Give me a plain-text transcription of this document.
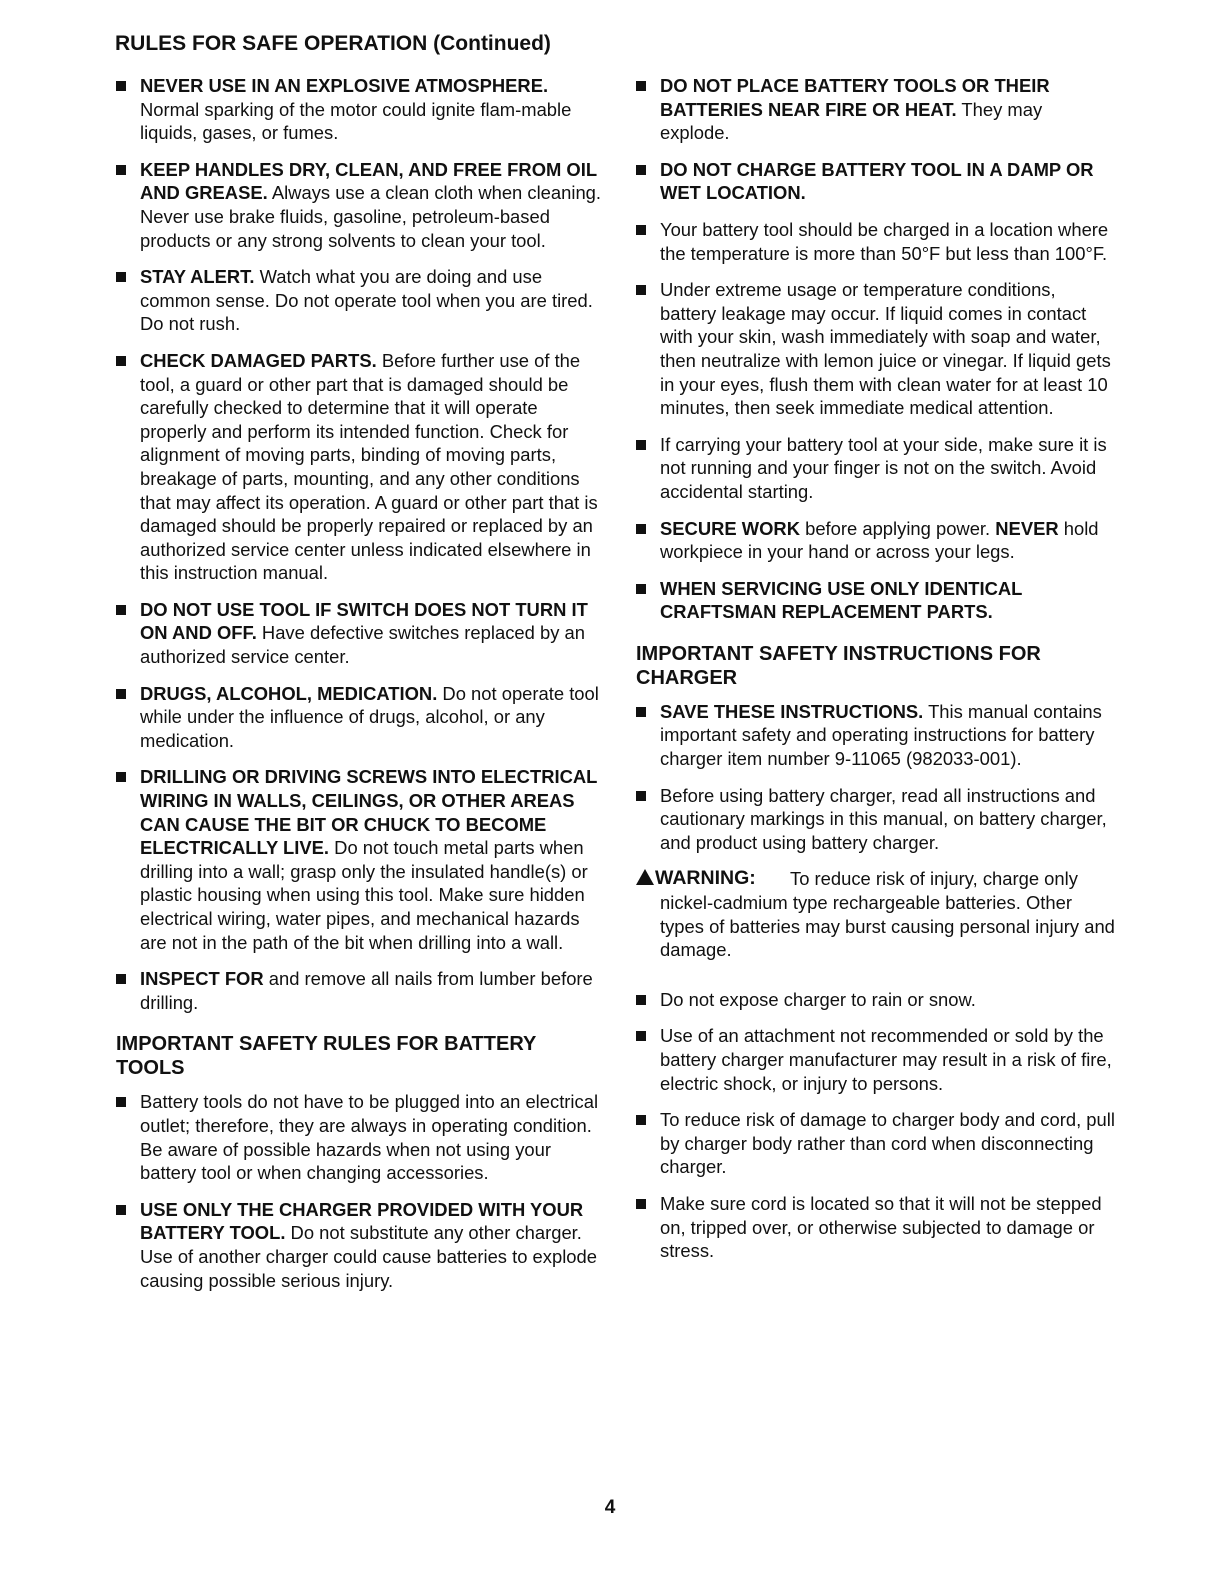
RULES FOR SAFE OPERATION (Continued)
NEVER USE IN AN EXPLOSIVE ATMOSPHERE. Normal sparking of the motor could ignite flam-mable liquids, gases, or fumes.
KEEP HANDLES DRY, CLEAN, AND FREE FROM OIL AND GREASE. Always use a clean cloth when cleaning. Never use brake fluids, gasoline, petroleum-based products or any strong solvents to clean your tool.
STAY ALERT. Watch what you are doing and use common sense. Do not operate tool when you are tired. Do not rush.
CHECK DAMAGED PARTS. Before further use of the tool, a guard or other part that is damaged should be carefully checked to determine that it will operate properly and perform its intended function. Check for alignment of moving parts, binding of moving parts, breakage of parts, mounting, and any other conditions that may affect its operation. A guard or other part that is damaged should be properly repaired or replaced by an authorized service center unless indicated elsewhere in this instruction manual.
DO NOT USE TOOL IF SWITCH DOES NOT TURN IT ON AND OFF. Have defective switches replaced by an authorized service center.
DRUGS, ALCOHOL, MEDICATION. Do not operate tool while under the influence of drugs, alcohol, or any medication.
DRILLING OR DRIVING SCREWS INTO ELECTRICAL WIRING IN WALLS, CEILINGS, OR OTHER AREAS CAN CAUSE THE BIT OR CHUCK TO BECOME ELECTRICALLY LIVE. Do not touch metal parts when drilling into a wall; grasp only the insulated handle(s) or plastic housing when using this tool. Make sure hidden electrical wiring, water pipes, and mechanical hazards are not in the path of the bit when drilling into a wall.
INSPECT FOR and remove all nails from lumber before drilling.
IMPORTANT SAFETY RULES FOR BATTERY TOOLS
Battery tools do not have to be plugged into an electrical outlet; therefore, they are always in operating condition. Be aware of possible hazards when not using your battery tool or when changing accessories.
USE ONLY THE CHARGER PROVIDED WITH YOUR BATTERY TOOL. Do not substitute any other charger. Use of another charger could cause batteries to explode causing possible serious injury.
DO NOT PLACE BATTERY TOOLS OR THEIR BATTERIES NEAR FIRE OR HEAT. They may explode.
DO NOT CHARGE BATTERY TOOL IN A DAMP OR WET LOCATION.
Your battery tool should be charged in a location where the temperature is more than 50°F but less than 100°F.
Under extreme usage or temperature conditions, battery leakage may occur. If liquid comes in contact with your skin, wash immediately with soap and water, then neutralize with lemon juice or vinegar. If liquid gets in your eyes, flush them with clean water for at least 10 minutes, then seek immediate medical attention.
If carrying your battery tool at your side, make sure it is not running and your finger is not on the switch. Avoid accidental starting.
SECURE WORK before applying power. NEVER hold workpiece in your hand or across your legs.
WHEN SERVICING USE ONLY IDENTICAL CRAFTSMAN REPLACEMENT PARTS.
IMPORTANT SAFETY INSTRUCTIONS FOR CHARGER
SAVE THESE INSTRUCTIONS. This manual contains important safety and operating instructions for battery charger item number 9-11065 (982033-001).
Before using battery charger, read all instructions and cautionary markings in this manual, on battery charger, and product using battery charger.
WARNING:	To reduce risk of injury, charge only nickel-cadmium type rechargeable batteries. Other types of batteries may burst causing personal injury and damage.
Do not expose charger to rain or snow.
Use of an attachment not recommended or sold by the battery charger manufacturer may result in a risk of fire, electric shock, or injury to persons.
To reduce risk of damage to charger body and cord, pull by charger body rather than cord when disconnecting charger.
Make sure cord is located so that it will not be stepped on, tripped over, or otherwise subjected to damage or stress.
4
